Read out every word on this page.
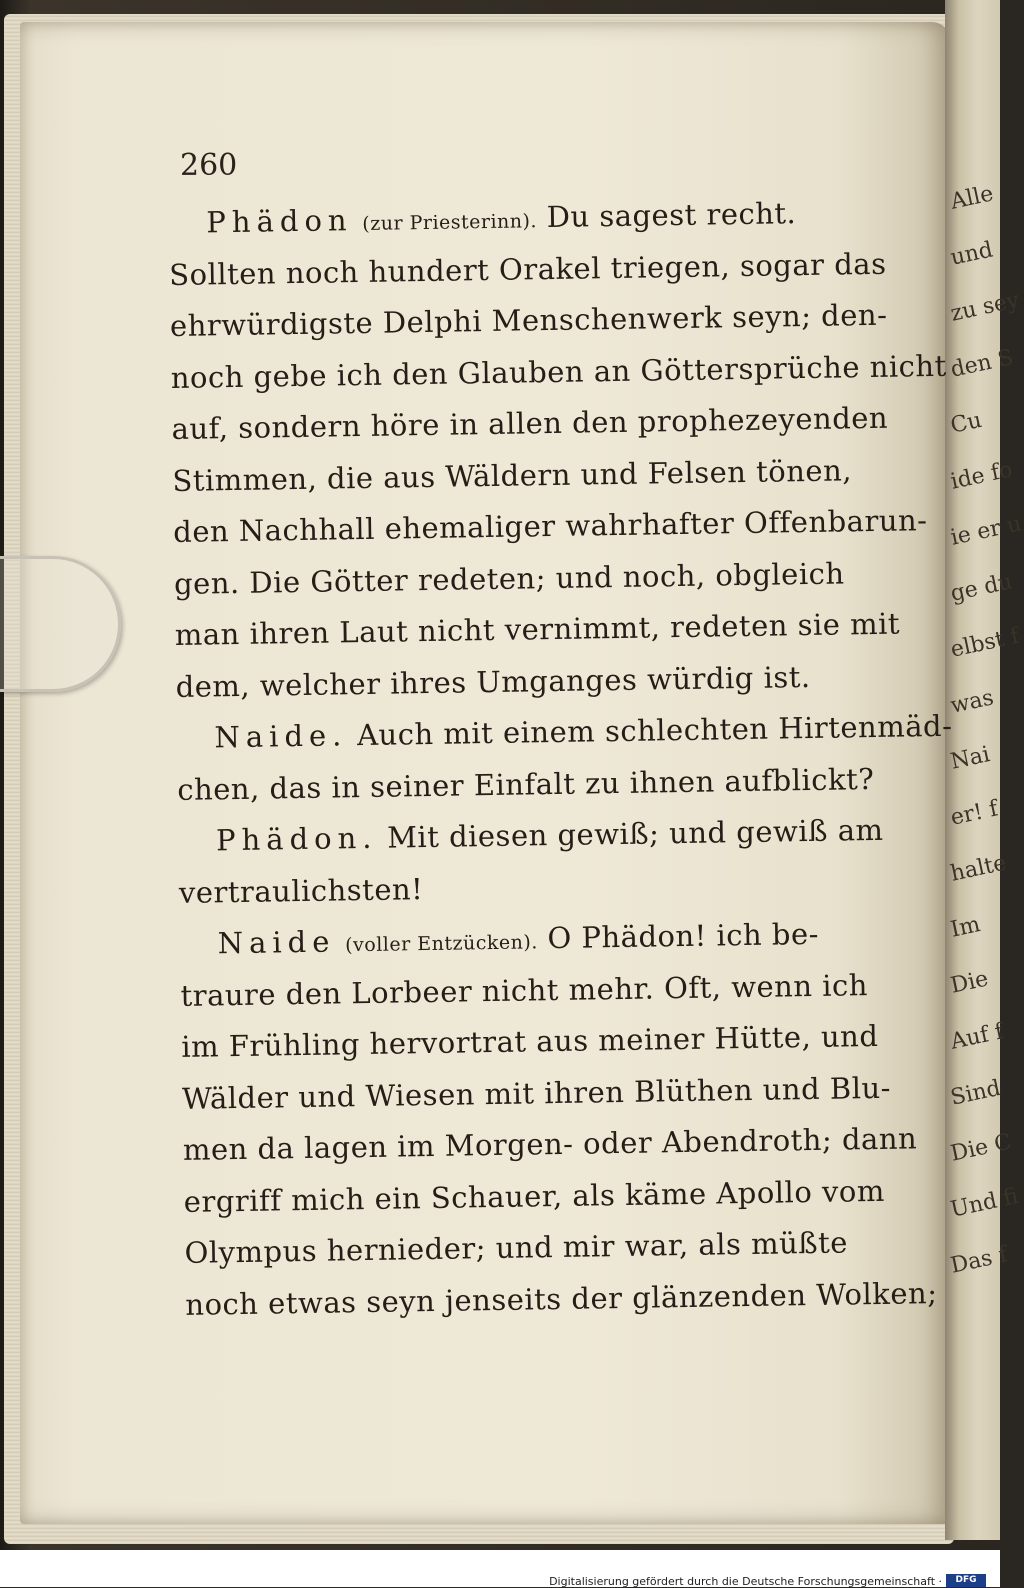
Alle
und
zu sey
den S
Cu
ide fo
ie er u
ge du
elbst f
was
Nai
er! f
halte
Im
Die
Auf f
Sind
Die C
Und fi
Das f
260
Phädon (zur Priesterinn). Du sagest recht.
Sollten noch hundert Orakel triegen, sogar das
ehrwürdigste Delphi Menschenwerk seyn; den-
noch gebe ich den Glauben an Göttersprüche nicht
auf, sondern höre in allen den prophezeyenden
Stimmen, die aus Wäldern und Felsen tönen,
den Nachhall ehemaliger wahrhafter Offenbarun-
gen. Die Götter redeten; und noch, obgleich
man ihren Laut nicht vernimmt, redeten sie mit
dem, welcher ihres Umganges würdig ist.
Naide. Auch mit einem schlechten Hirtenmäd-
chen, das in seiner Einfalt zu ihnen aufblickt?
Phädon. Mit diesen gewiß; und gewiß am
vertraulichsten!
Naide (voller Entzücken). O Phädon! ich be-
traure den Lorbeer nicht mehr. Oft, wenn ich
im Frühling hervortrat aus meiner Hütte, und
Wälder und Wiesen mit ihren Blüthen und Blu-
men da lagen im Morgen- oder Abendroth; dann
ergriff mich ein Schauer, als käme Apollo vom
Olympus hernieder; und mir war, als müßte
noch etwas seyn jenseits der glänzenden Wolken;
Digitalisierung gefördert durch die Deutsche Forschungsgemeinschaft ·	DFG
